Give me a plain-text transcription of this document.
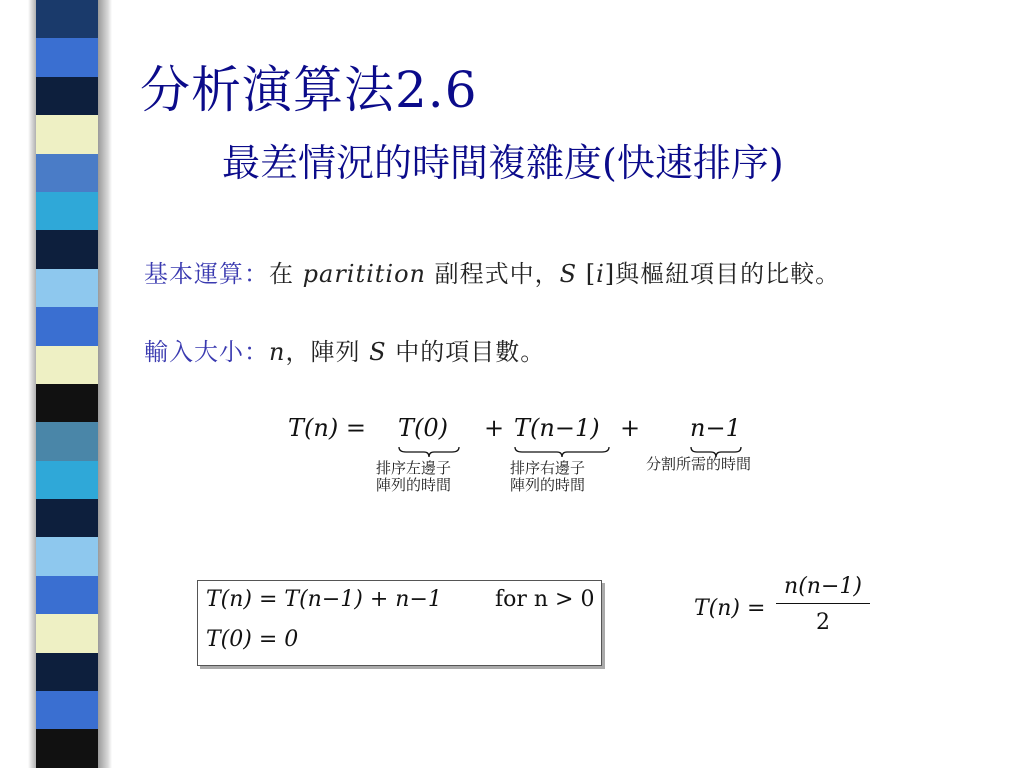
分析演算法2.6
最差情況的時間複雜度(快速排序)
基本運算：在 paritition 副程式中，S [i]與樞紐項目的比較。
輸入大小：n，陣列 S 中的項目數。
T(n) = T(0) + T(n−1) + n−1
排序左邊子
陣列的時間
排序右邊子
陣列的時間
分割所需的時間
T(n) = T(n−1) + n−1 for n > 0
T(0) = 0
$T(n) = \frac{n(n-1)}{2}$
